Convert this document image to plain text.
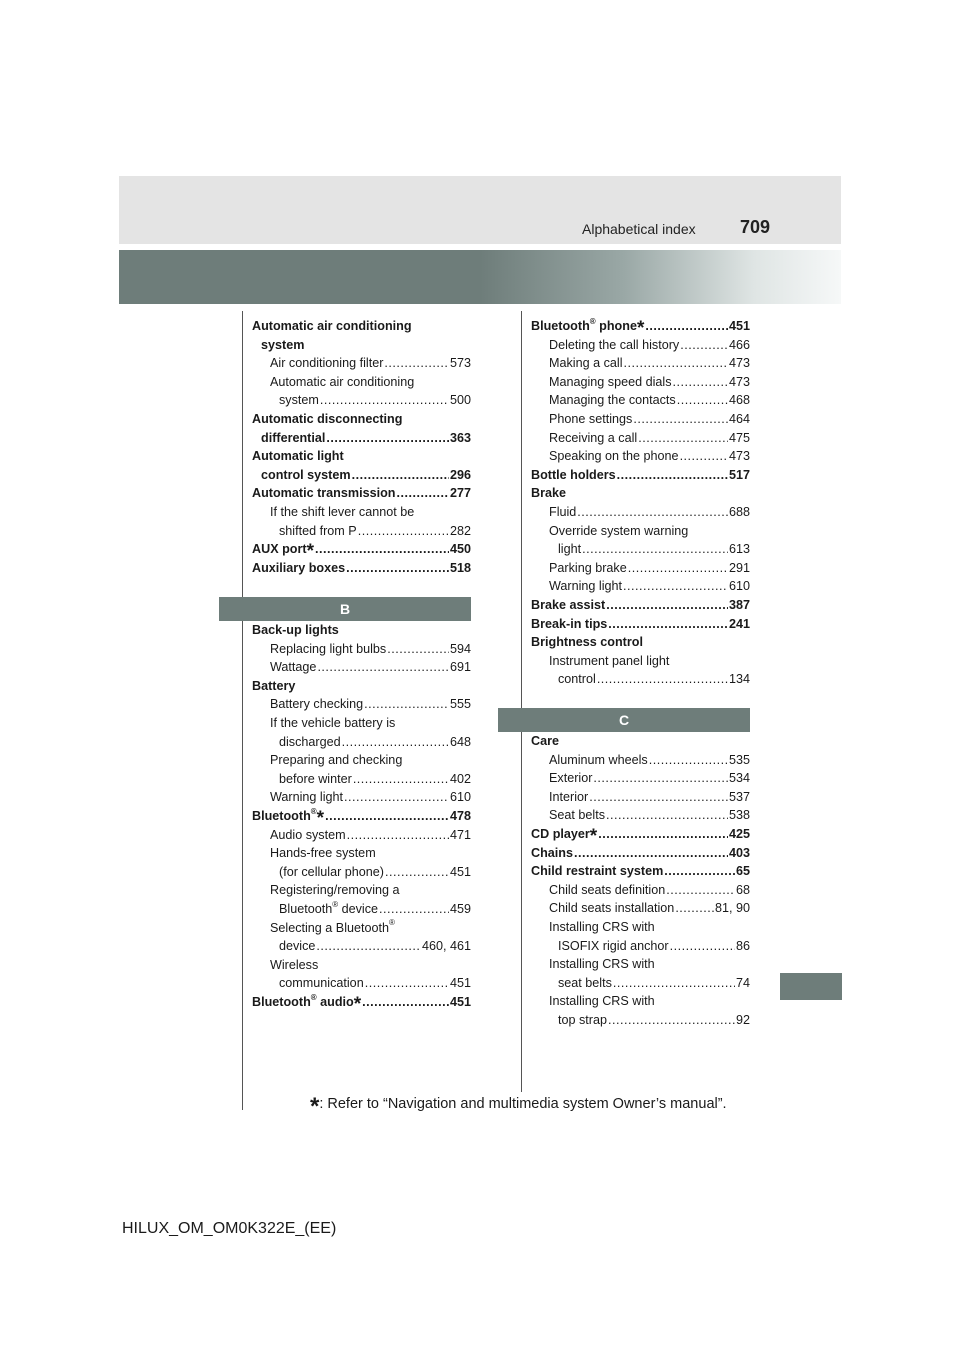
Alphabetical index 709
Automatic air conditioning
system
Air conditioning filter .....	573
Automatic air conditioning
system .....	500
Automatic disconnecting
differential .....	363
Automatic light
control system .....	296
Automatic transmission .....	277
If the shift lever cannot be
shifted from P .....	282
AUX port* .....	450
Auxiliary boxes .....	518
B
Back-up lights
Replacing light bulbs .....	594
Wattage .....	691
Battery
Battery checking .....	555
If the vehicle battery is
discharged .....	648
Preparing and checking
before winter .....	402
Warning light .....	610
Bluetooth®* .....	478
Audio system .....	471
Hands-free system
(for cellular phone) .....	451
Registering/removing a
Bluetooth® device .....	459
Selecting a Bluetooth®
device .....	460, 461
Wireless
communication .....	451
Bluetooth® audio* .....	451
Bluetooth® phone* .....	451
Deleting the call history .....	466
Making a call .....	473
Managing speed dials .....	473
Managing the contacts .....	468
Phone settings .....	464
Receiving a call .....	475
Speaking on the phone .....	473
Bottle holders .....	517
Brake
Fluid .....	688
Override system warning
light .....	613
Parking brake .....	291
Warning light .....	610
Brake assist .....	387
Break-in tips .....	241
Brightness control
Instrument panel light
control .....	134
C
Care
Aluminum wheels .....	535
Exterior .....	534
Interior .....	537
Seat belts .....	538
CD player* .....	425
Chains .....	403
Child restraint system .....	65
Child seats definition .....	68
Child seats installation .....	81, 90
Installing CRS with
ISOFIX rigid anchor .....	86
Installing CRS with
seat belts .....	74
Installing CRS with
top strap .....	92
*: Refer to “Navigation and multimedia system Owner’s manual”.
HILUX_OM_OM0K322E_(EE)
